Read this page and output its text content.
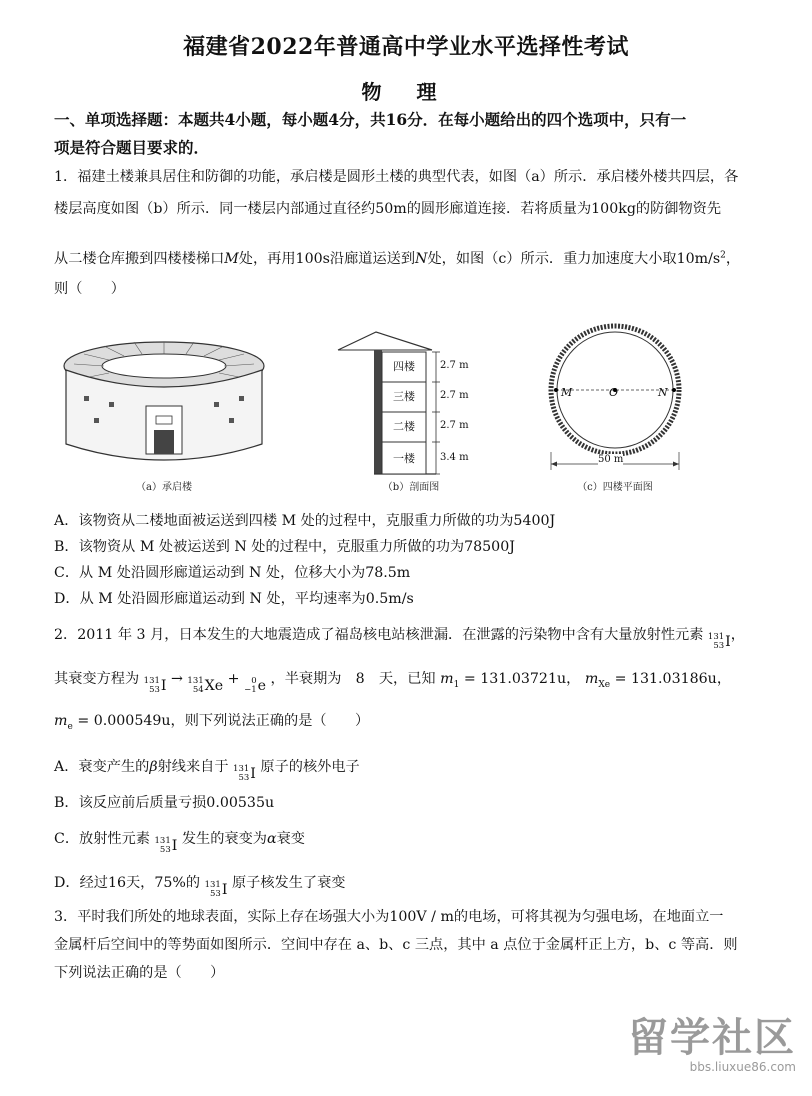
福建省2022年普通高中学业水平选择性考试
物 理
一、单项选择题：本题共4小题，每小题4分，共16分．在每小题给出的四个选项中，只有一
项是符合题目要求的．
1．福建土楼兼具居住和防御的功能，承启楼是圆形土楼的典型代表，如图（a）所示．承启楼外楼共四层，各
楼层高度如图（b）所示．同一楼层内部通过直径约50m的圆形廊道连接．若将质量为100kg的防御物资先
从二楼仓库搬到四楼楼梯口M处，再用100s沿廊道运送到N处，如图（c）所示．重力加速度大小取$10m/s^2$，
则（　　）
（a）承启楼
四楼
三楼
二楼
一楼
2.7 m
2.7 m
2.7 m
3.4 m
（b）剖面图
M	O	N
50 m
（c）四楼平面图
A．该物资从二楼地面被运送到四楼 M 处的过程中，克服重力所做的功为5400J
B．该物资从 M 处被运送到 N 处的过程中，克服重力所做的功为78500J
C．从 M 处沿圆形廊道运动到 N 处，位移大小为78.5m
D．从 M 处沿圆形廊道运动到 N 处，平均速率为0.5m/s
2．2011 年 3 月，日本发生的大地震造成了福岛核电站核泄漏．在泄露的污染物中含有大量放射性元素 131
53 I ，
其衰变方程为 131
53 I → 131
54 Xe +	0
−1 e ，半衰期为　8　天，已知 $m_1 = 131.03721u$， $m_{Xe} = 131.03186u$，
$m_e = 0.000549u$，则下列说法正确的是（　　）
A．衰变产生的β射线来自于 131
53 I 原子的核外电子
B．该反应前后质量亏损0.00535u
C．放射性元素 131
53 I 发生的衰变为α衰变
D．经过16天，75%的 131
53 I 原子核发生了衰变
3．平时我们所处的地球表面，实际上存在场强大小为100V / m的电场，可将其视为匀强电场，在地面立一
金属杆后空间中的等势面如图所示．空间中存在 a、b、c 三点，其中 a 点位于金属杆正上方，b、c 等高．则
下列说法正确的是（　　）
留学社区
bbs.liuxue86.com
